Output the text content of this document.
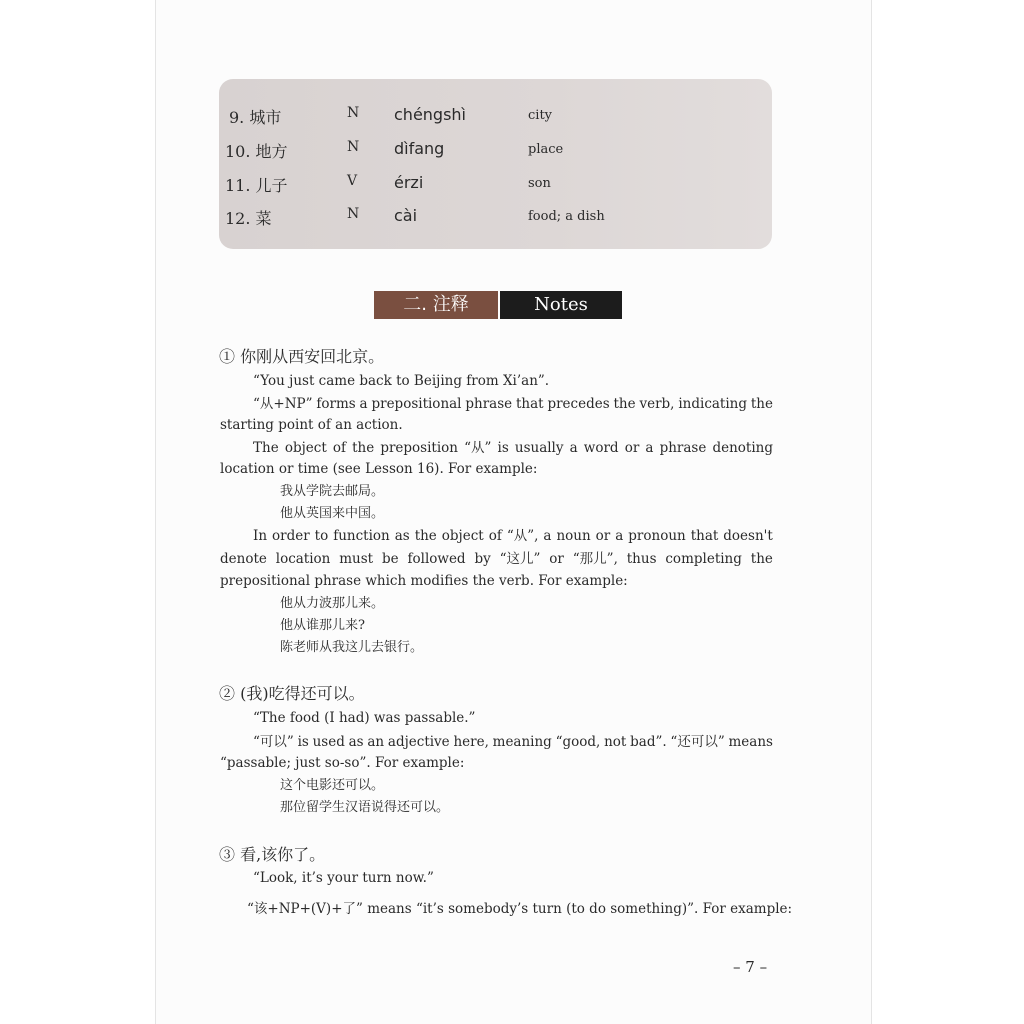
9. 城市	N chéngshì	city
10. 地方	N dìfang	place
11. 儿子	V érzi	son
12. 菜	N cài	food; a dish
二. 注释	Notes
① 你刚从西安回北京。
“You just came back to Beijing from Xi’an”.
“从+NP” forms a prepositional phrase that precedes the verb, indicating the
starting point of an action.
The object of the preposition “从” is usually a word or a phrase denoting
location or time (see Lesson 16). For example:
我从学院去邮局。
他从英国来中国。
In order to function as the object of “从”, a noun or a pronoun that doesn't
denote location must be followed by “这儿” or “那儿”, thus completing the
prepositional phrase which modifies the verb. For example:
他从力波那儿来。
他从谁那儿来?
陈老师从我这儿去银行。
② (我)吃得还可以。
“The food (I had) was passable.”
“可以” is used as an adjective here, meaning “good, not bad”. “还可以” means
“passable; just so-so”. For example:
这个电影还可以。
那位留学生汉语说得还可以。
③ 看,该你了。
“Look, it’s your turn now.”
“该+NP+(V)+了” means “it’s somebody’s turn (to do something)”. For example:
– 7 –
